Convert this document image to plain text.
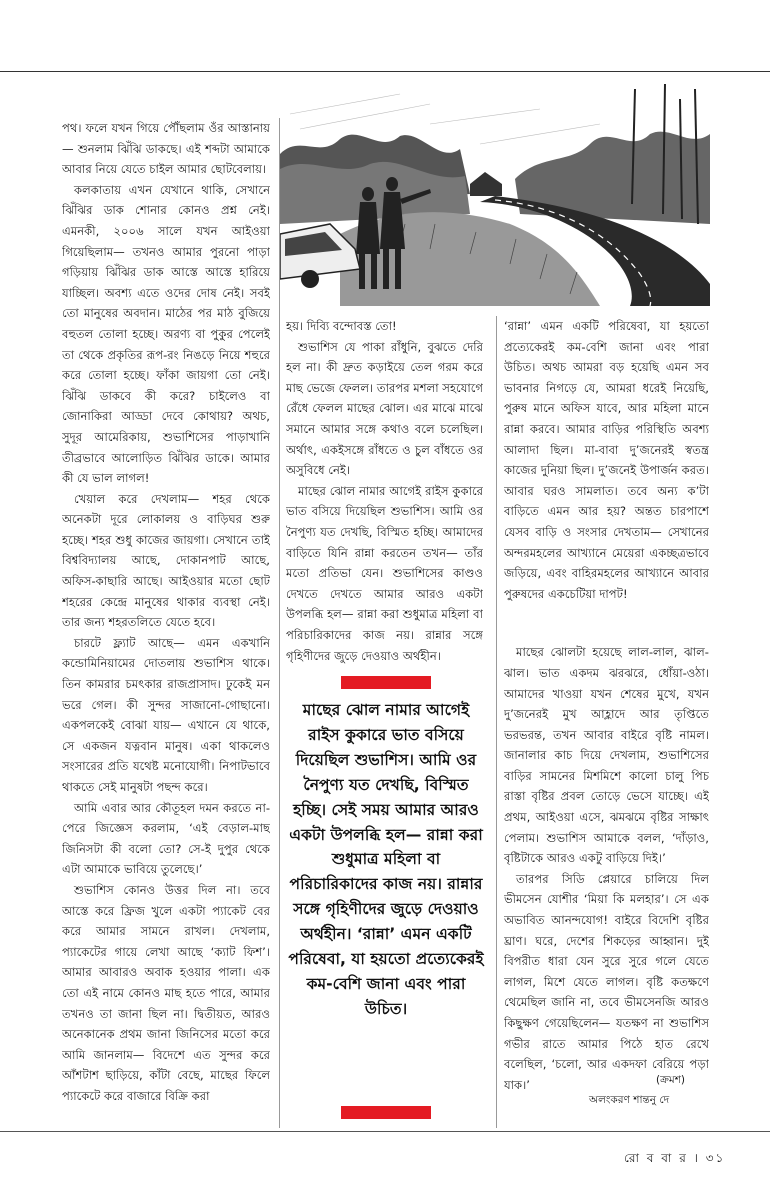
পথ। ফলে যখন গিয়ে পৌঁছলাম ওঁর আস্তানায়— শুনলাম ঝিঁঝি ডাকছে। এই শব্দটা আমাকে আবার নিয়ে যেতে চাইল আমার ছোটবেলায়।

কলকাতায় এখন যেখানে থাকি, সেখানে ঝিঁঝির ডাক শোনার কোনও প্রশ্ন নেই। এমনকী, ২০০৬ সালে যখন আইওয়া গিয়েছিলাম— তখনও আমার পুরনো পাড়া গড়িয়ায় ঝিঁঝির ডাক আস্তে আস্তে হারিয়ে যাচ্ছিল। অবশ্য এতে ওদের দোষ নেই। সবই তো মানুষের অবদান। মাঠের পর মাঠ বুজিয়ে বহুতল তোলা হচ্ছে। অরণ্য বা পুকুর পেলেই তা থেকে প্রকৃতির রূপ-রং নিঙড়ে নিয়ে শহুরে করে তোলা হচ্ছে। ফাঁকা জায়গা তো নেই। ঝিঁঝি ডাকবে কী করে? চাইলেও বা জোনাকিরা আড্ডা দেবে কোথায়? অথচ, সুদূর আমেরিকায়, শুভাশিসের পাড়াখানি তীব্রভাবে আলোড়িত ঝিঁঝির ডাকে। আমার কী যে ভাল লাগল!

খেয়াল করে দেখলাম— শহর থেকে অনেকটা দূরে লোকালয় ও বাড়িঘর শুরু হচ্ছে। শহর শুধু কাজের জায়গা। সেখানে তাই বিশ্ববিদ্যালয় আছে, দোকানপাট আছে, অফিস-কাছারি আছে। আইওয়ার মতো ছোট শহরের কেন্দ্রে মানুষের থাকার ব্যবস্থা নেই। তার জন্য শহরতলিতে যেতে হবে।

চারটে ফ্ল্যাট আছে— এমন একখানি কন্ডোমিনিয়ামের দোতলায় শুভাশিস থাকে। তিন কামরার চমৎকার রাজপ্রাসাদ। ঢুকেই মন ভরে গেল। কী সুন্দর সাজানো-গোছানো। একপলকেই বোঝা যায়— এখানে যে থাকে, সে একজন যত্নবান মানুষ। একা থাকলেও সংসারের প্রতি যথেষ্ট মনোযোগী। নিপাটভাবে থাকতে সেই মানুষটা পছন্দ করে।

আমি এবার আর কৌতূহল দমন করতে না-পেরে জিজ্ঞেস করলাম, ‘এই বেড়াল-মাছ জিনিসটা কী বলো তো? সে-ই দুপুর থেকে এটা আমাকে ভাবিয়ে তুলেছে।’

শুভাশিস কোনও উত্তর দিল না। তবে আস্তে করে ফ্রিজ খুলে একটা প্যাকেট বের করে আমার সামনে রাখল। দেখলাম, প্যাকেটের গায়ে লেখা আছে ‘ক্যাট ফিশ’। আমার আবারও অবাক হওয়ার পালা। এক তো এই নামে কোনও মাছ হতে পারে, আমার তখনও তা জানা ছিল না। দ্বিতীয়ত, আরও অনেকানেক প্রথম জানা জিনিসের মতো করে আমি জানলাম— বিদেশে এত সুন্দর করে আঁশটাশ ছাড়িয়ে, কাঁটা বেছে, মাছের ফিলে প্যাকেটে করে বাজারে বিক্রি করা

হয়। দিব্যি বন্দোবস্ত তো!

শুভাশিস যে পাকা রাঁধুনি, বুঝতে দেরি হল না। কী দ্রুত কড়াইয়ে তেল গরম করে মাছ ভেজে ফেলল। তারপর মশলা সহযোগে রেঁধে ফেলল মাছের ঝোল। এর মাঝে মাঝে সমানে আমার সঙ্গে কথাও বলে চলেছিল। অর্থাৎ, একইসঙ্গে রাঁধতে ও চুল বাঁধতে ওর অসুবিধে নেই।

মাছের ঝোল নামার আগেই রাইস কুকারে ভাত বসিয়ে দিয়েছিল শুভাশিস। আমি ওর নৈপুণ্য যত দেখছি, বিস্মিত হচ্ছি। আমাদের বাড়িতে যিনি রান্না করতেন তখন— তাঁর মতো প্রতিভা যেন। শুভাশিসের কাণ্ডও দেখতে দেখতে আমার আরও একটা উপলব্ধি হল— রান্না করা শুধুমাত্র মহিলা বা পরিচারিকাদের কাজ নয়। রান্নার সঙ্গে গৃহিণীদের জুড়ে দেওয়াও অর্থহীন।

মাছের ঝোল নামার আগেই রাইস কুকারে ভাত বসিয়ে দিয়েছিল শুভাশিস। আমি ওর নৈপুণ্য যত দেখছি, বিস্মিত হচ্ছি। সেই সময় আমার আরও একটা উপলব্ধি হল— রান্না করা শুধুমাত্র মহিলা বা পরিচারিকাদের কাজ নয়। রান্নার সঙ্গে গৃহিণীদের জুড়ে দেওয়াও অর্থহীন। ‘রান্না’ এমন একটি পরিষেবা, যা হয়তো প্রত্যেকেরই কম-বেশি জানা এবং পারা উচিত।

‘রান্না’ এমন একটি পরিষেবা, যা হয়তো প্রত্যেকেরই কম-বেশি জানা এবং পারা উচিত। অথচ আমরা বড় হয়েছি এমন সব ভাবনার নিগড়ে যে, আমরা ধরেই নিয়েছি, পুরুষ মানে অফিস যাবে, আর মহিলা মানে রান্না করবে। আমার বাড়ির পরিস্থিতি অবশ্য আলাদা ছিল। মা-বাবা দু’জনেরই স্বতন্ত্র কাজের দুনিয়া ছিল। দু’জনেই উপার্জন করত। আবার ঘরও সামলাত। তবে অন্য ক’টা বাড়িতে এমন আর হয়? অন্তত চারপাশে যেসব বাড়ি ও সংসার দেখতাম— সেখানের অন্দরমহলের আখ্যানে মেয়েরা একচ্ছত্রভাবে জড়িয়ে, এবং বাহিরমহলের আখ্যানে আবার পুরুষদের একচেটিয়া দাপট!

মাছের ঝোলটা হয়েছে লাল-লাল, ঝাল-ঝাল। ভাত একদম ঝরঝরে, ধোঁয়া-ওঠা। আমাদের খাওয়া যখন শেষের মুখে, যখন দু’জনেরই মুখ আহ্লাদে আর তৃপ্তিতে ভরভরন্ত, তখন আবার বাইরে বৃষ্টি নামল। জানালার কাচ দিয়ে দেখলাম, শুভাশিসের বাড়ির সামনের মিশমিশে কালো চালু পিচ রাস্তা বৃষ্টির প্রবল তোড়ে ভেসে যাচ্ছে। এই প্রথম, আইওয়া এসে, ঝমঝমে বৃষ্টির সাক্ষাৎ পেলাম। শুভাশিস আমাকে বলল, ‘দাঁড়াও, বৃষ্টিটাকে আরও একটু বাড়িয়ে দিই।’

তারপর সিডি প্লেয়ারে চালিয়ে দিল ভীমসেন যোশীর ‘মিয়া কি মলহার’। সে এক অভাবিত আনন্দযোগ! বাইরে বিদেশি বৃষ্টির ঘ্রাণ। ঘরে, দেশের শিকড়ের আহ্বান। দুই বিপরীত ধারা যেন সুরে সুরে গলে যেতে লাগল, মিশে যেতে লাগল। বৃষ্টি কতক্ষণে থেমেছিল জানি না, তবে ভীমসেনজি আরও কিছুক্ষণ গেয়েছিলেন— যতক্ষণ না শুভাশিস গভীর রাতে আমার পিঠে হাত রেখে বলেছিল, ‘চলো, আর একদফা বেরিয়ে পড়া যাক।’	(ক্রমশ)
অলংকরণ শান্তনু দে
রো ব বা র । ৩১
